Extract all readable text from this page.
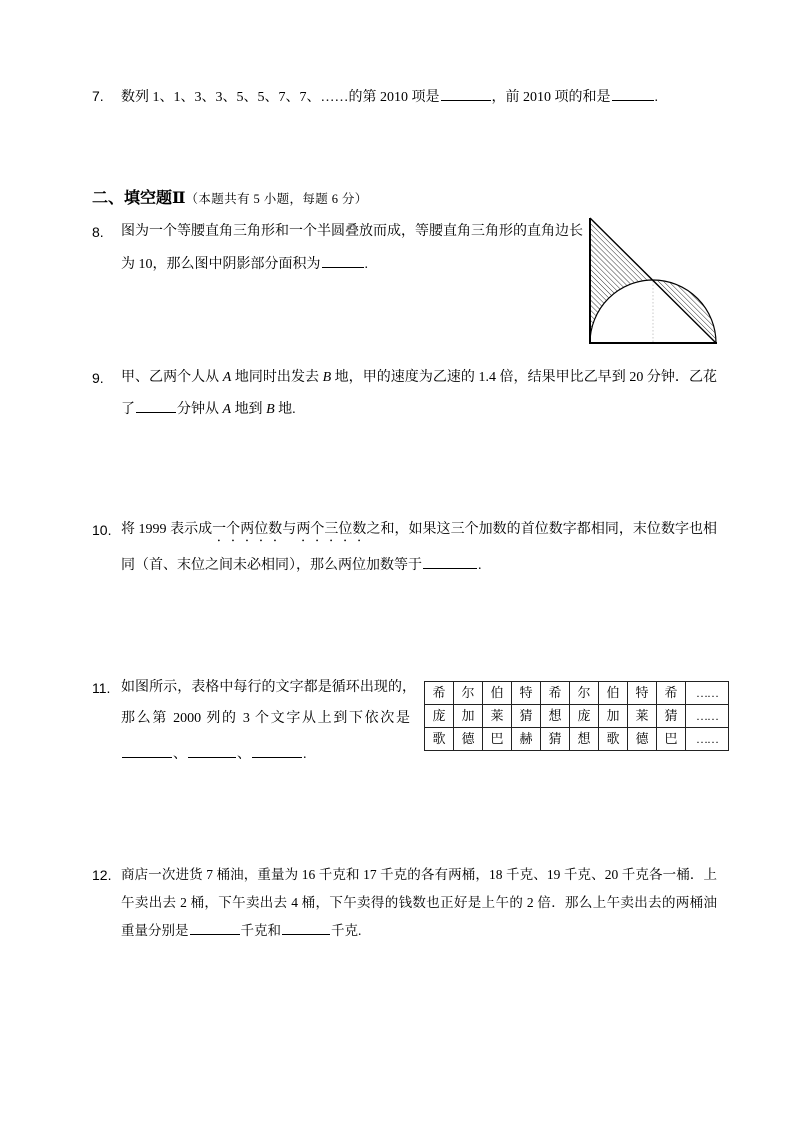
7. 数列 1、1、3、3、5、5、7、7、……的第 2010 项是	，前 2010 项的和是	.
二、填空题Ⅱ（本题共有 5 小题，每题 6 分）
8. 图为一个等腰直角三角形和一个半圆叠放而成，等腰直角三角形的直角边长
为 10，那么图中阴影部分面积为	.
9. 甲、乙两个人从 A 地同时出发去 B 地，甲的速度为乙速的 1.4 倍，结果甲比乙早到 20 分钟．乙花
了	分钟从 A 地到 B 地.
10. 将 1999 表示成一个两位数与两个三位数之和，如果这三个加数的首位数字都相同，末位数字也相
同（首、末位之间未必相同），那么两位加数等于	.
11. 如图所示，表格中每行的文字都是循环出现的，
那么第 2000 列的 3 个文字从上到下依次是
、	、	.
希	尔	伯	特	希	尔	伯	特	希	……
庞	加	莱	猜	想	庞	加	莱	猜	……
歌	德	巴	赫	猜	想	歌	德	巴	……
12. 商店一次进货 7 桶油，重量为 16 千克和 17 千克的各有两桶，18 千克、19 千克、20 千克各一桶．上
午卖出去 2 桶，下午卖出去 4 桶，下午卖得的钱数也正好是上午的 2 倍．那么上午卖出去的两桶油
重量分别是	千克和	千克.
